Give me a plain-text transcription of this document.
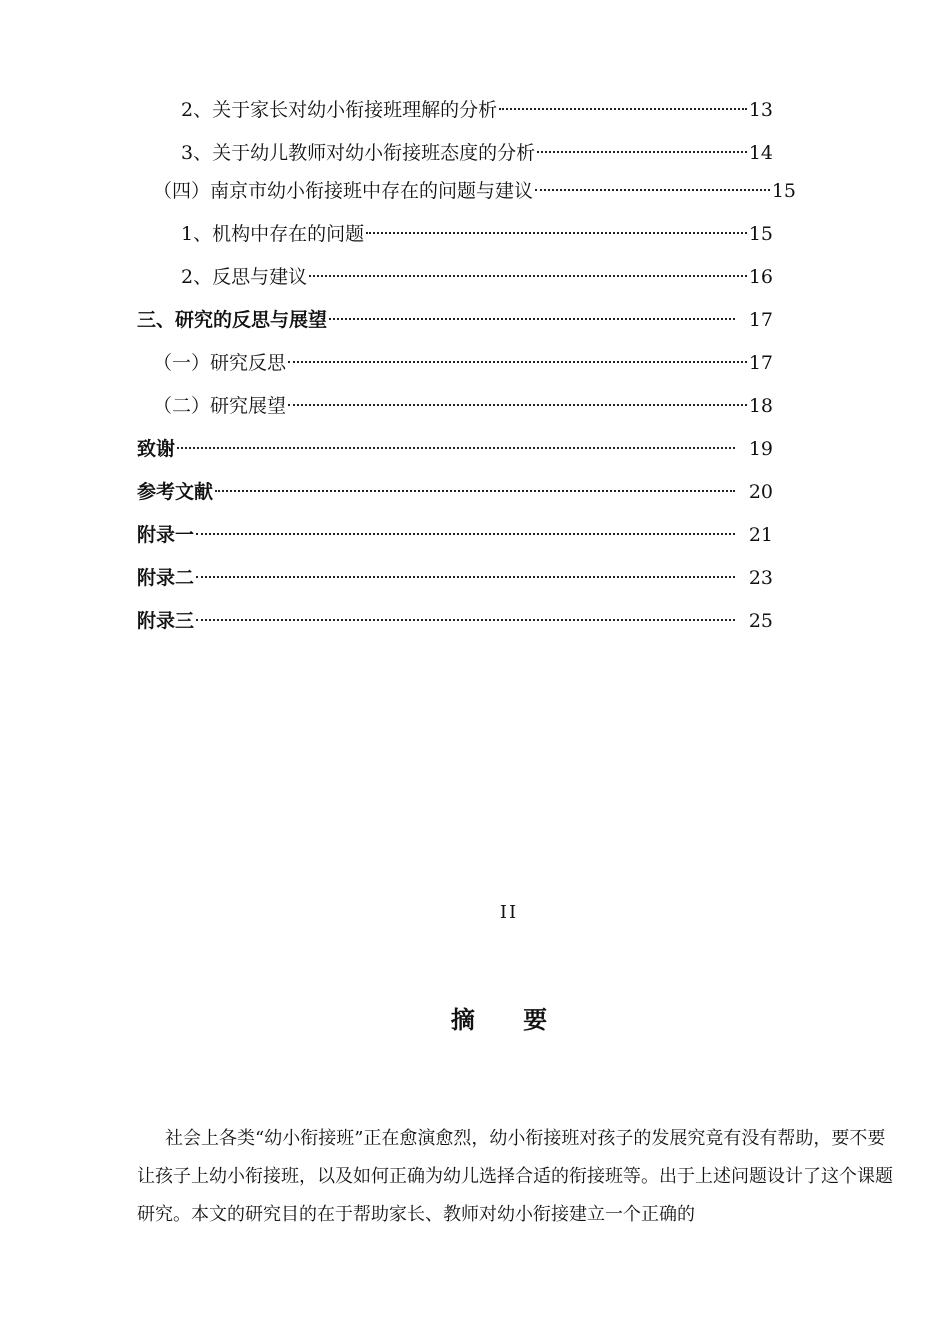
2、关于家长对幼小衔接班理解的分析	13
3、关于幼儿教师对幼小衔接班态度的分析	14
（四）南京市幼小衔接班中存在的问题与建议	15
1、机构中存在的问题	15
2、反思与建议	16
三、研究的反思与展望	17
（一）研究反思	17
（二）研究展望	18
致谢	19
参考文献	20
附录一	21
附录二	23
附录三	25
II
摘 要

社会上各类“幼小衔接班”正在愈演愈烈，幼小衔接班对孩子的发展究竟有没有帮助，要不要让孩子上幼小衔接班，以及如何正确为幼儿选择合适的衔接班等。出于上述问题设计了这个课题研究。本文的研究目的在于帮助家长、教师对幼小衔接建立一个正确的
